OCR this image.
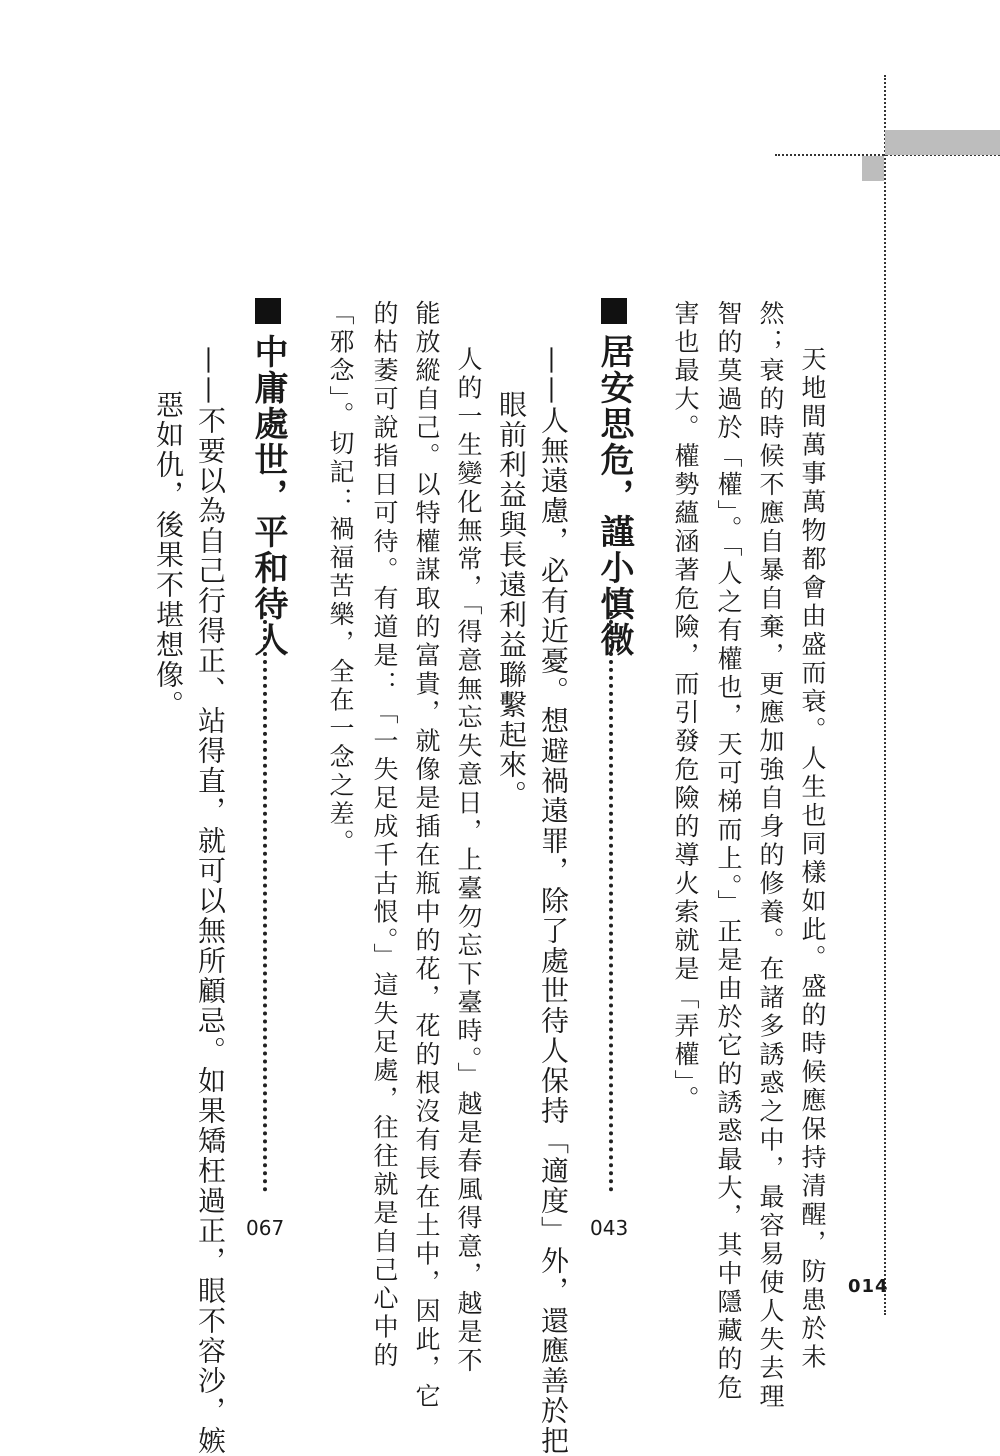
014
天地間萬事萬物都會由盛而衰。人生也同樣如此。盛的時候應保持清醒，防患於未
然；衰的時候不應自暴自棄，更應加強自身的修養。在諸多誘惑之中，最容易使人失去理
智的莫過於「權」。「人之有權也，天可梯而上。」正是由於它的誘惑最大，其中隱藏的危
害也最大。權勢蘊涵著危險，而引發危險的導火索就是「弄權」。
居安思危，謹小慎微
043
——人無遠慮，必有近憂。想避禍遠罪，除了處世待人保持「適度」外，還應善於把
眼前利益與長遠利益聯繫起來。
人的一生變化無常，「得意無忘失意日，上臺勿忘下臺時。」越是春風得意，越是不
能放縱自己。以特權謀取的富貴，就像是插在瓶中的花，花的根沒有長在土中，因此，它
的枯萎可說指日可待。有道是：「一失足成千古恨。」這失足處，往往就是自己心中的
「邪念」。切記：禍福苦樂，全在一念之差。
中庸處世，平和待人
067
——不要以為自己行得正、站得直，就可以無所顧忌。如果矯枉過正，眼不容沙，嫉
惡如仇，後果不堪想像。
